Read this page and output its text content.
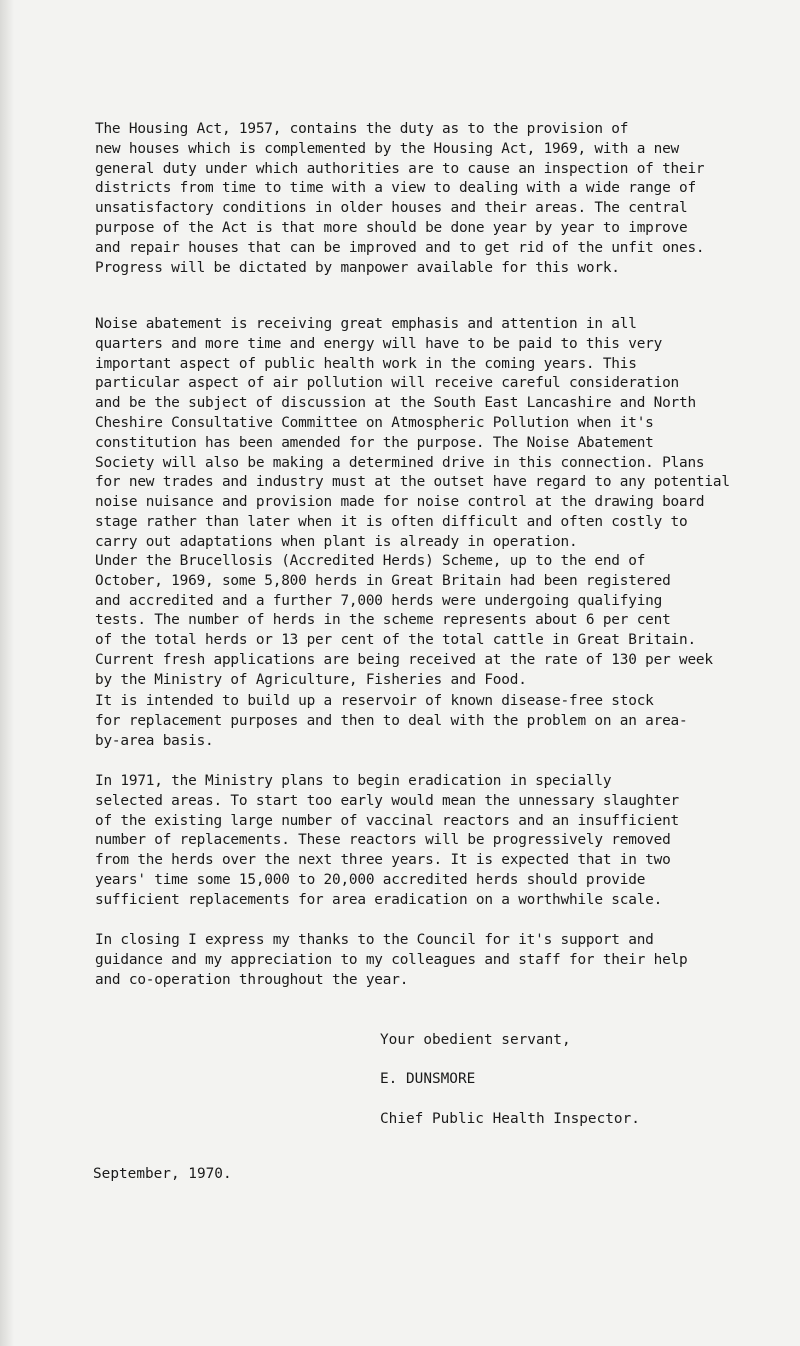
The Housing Act, 1957, contains the duty as to the provision of
new houses which is complemented by the Housing Act, 1969, with a new
general duty under which authorities are to cause an inspection of their
districts from time to time with a view to dealing with a wide range of
unsatisfactory conditions in older houses and their areas. The central
purpose of the Act is that more should be done year by year to improve
and repair houses that can be improved and to get rid of the unfit ones.
Progress will be dictated by manpower available for this work.

Noise abatement is receiving great emphasis and attention in all
quarters and more time and energy will have to be paid to this very
important aspect of public health work in the coming years. This
particular aspect of air pollution will receive careful consideration
and be the subject of discussion at the South East Lancashire and North
Cheshire Consultative Committee on Atmospheric Pollution when it's
constitution has been amended for the purpose. The Noise Abatement
Society will also be making a determined drive in this connection. Plans
for new trades and industry must at the outset have regard to any potential
noise nuisance and provision made for noise control at the drawing board
stage rather than later when it is often difficult and often costly to
carry out adaptations when plant is already in operation.

Under the Brucellosis (Accredited Herds) Scheme, up to the end of
October, 1969, some 5,800 herds in Great Britain had been registered
and accredited and a further 7,000 herds were undergoing qualifying
tests. The number of herds in the scheme represents about 6 per cent
of the total herds or 13 per cent of the total cattle in Great Britain.
Current fresh applications are being received at the rate of 130 per week
by the Ministry of Agriculture, Fisheries and Food.

It is intended to build up a reservoir of known disease-free stock
for replacement purposes and then to deal with the problem on an area-
by-area basis.

In 1971, the Ministry plans to begin eradication in specially
selected areas. To start too early would mean the unnessary slaughter
of the existing large number of vaccinal reactors and an insufficient
number of replacements. These reactors will be progressively removed
from the herds over the next three years. It is expected that in two
years' time some 15,000 to 20,000 accredited herds should provide
sufficient replacements for area eradication on a worthwhile scale.

In closing I express my thanks to the Council for it's support and
guidance and my appreciation to my colleagues and staff for their help
and co-operation throughout the year.

Your obedient servant,
E. DUNSMORE
Chief Public Health Inspector.
September, 1970.
